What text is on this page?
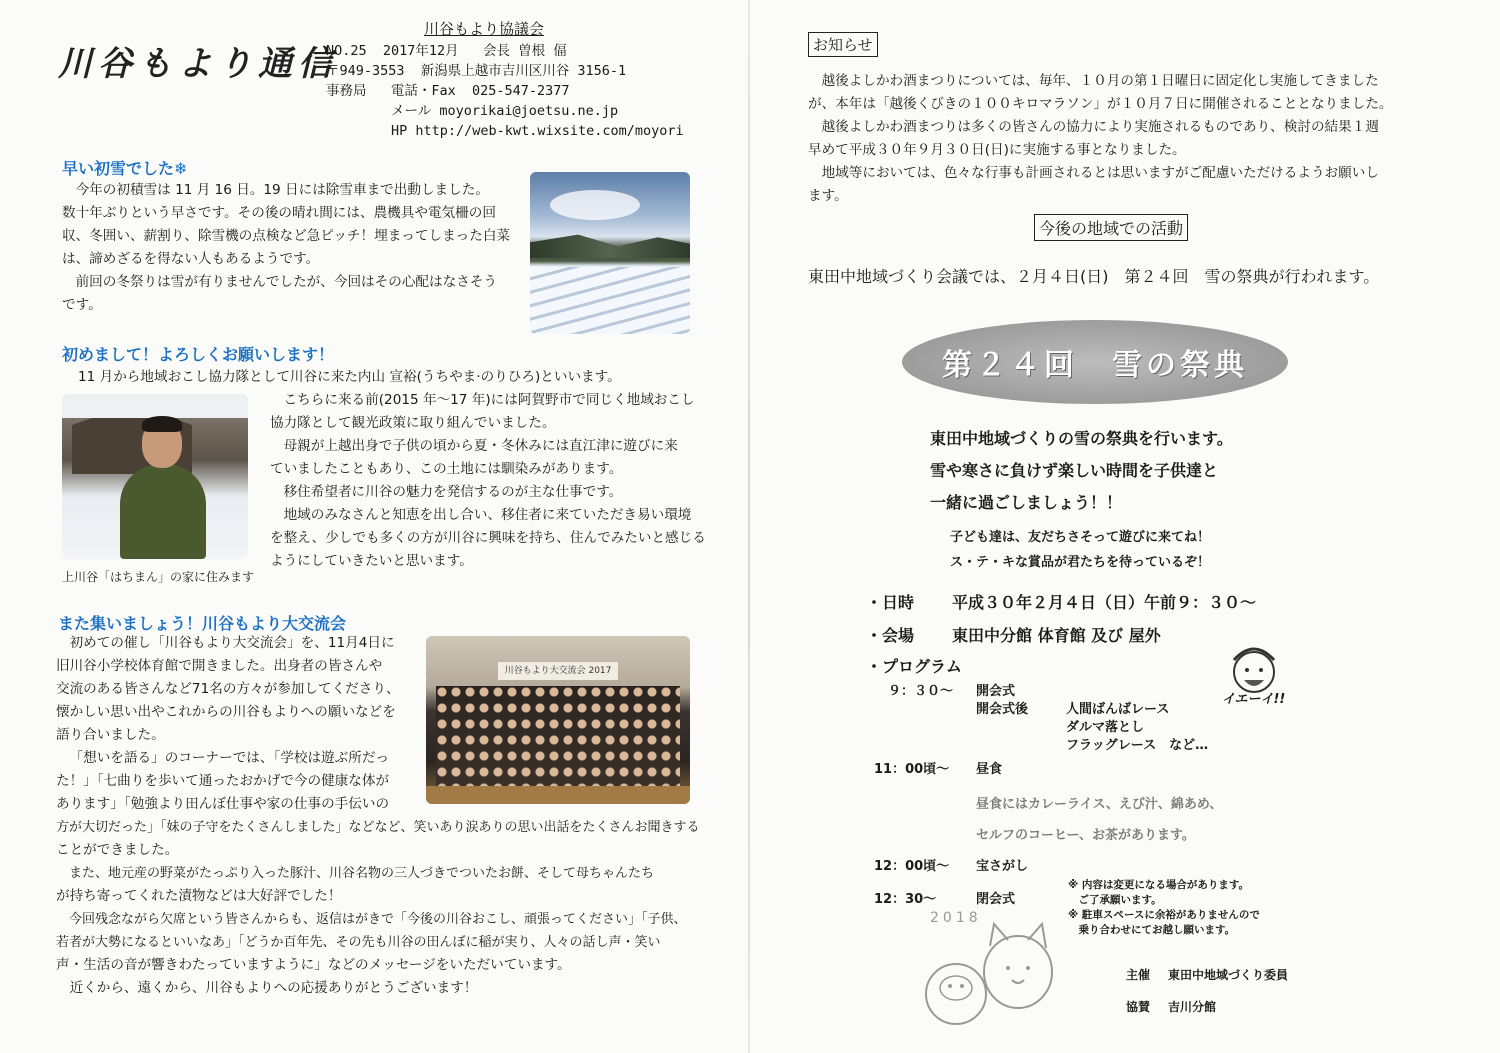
川谷もより通信
川谷もより協議会
NO.25  2017年12月   会長 曽根 偪
〒949-3553  新潟県上越市吉川区川谷 3156-1
事務局   電話・Fax  025-547-2377
メール moyorikai@joetsu.ne.jp
HP http://web-kwt.wixsite.com/moyori
早い初雪でした❄

今年の初積雪は 11 月 16 日。19 日には除雪車まで出動しました。

数十年ぶりという早さです。その後の晴れ間には、農機具や電気柵の回

収、冬囲い、薪割り、除雪機の点検など急ピッチ！埋まってしまった白菜

は、諦めざるを得ない人もあるようです。

前回の冬祭りは雪が有りませんでしたが、今回はその心配はなさそう

です。

初めまして！よろしくお願いします！
11 月から地域おこし協力隊として川谷に来た内山 宣裕(うちやま·のりひろ)といいます。

こちらに来る前(2015 年～17 年)には阿賀野市で同じく地域おこし

協力隊として観光政策に取り組んでいました。

母親が上越出身で子供の頃から夏・冬休みには直江津に遊びに来

ていましたこともあり、この土地には馴染みがあります。

移住希望者に川谷の魅力を発信するのが主な仕事です。

地域のみなさんと知恵を出し合い、移住者に来ていただき易い環境

を整え、少しでも多くの方が川谷に興味を持ち、住んでみたいと感じる

ようにしていきたいと思います。

上川谷「はちまん」の家に住みます
また集いましょう！川谷もより大交流会
川谷もより大交流会 2017

初めての催し「川谷もより大交流会」を、11月4日に

旧川谷小学校体育館で開きました。出身者の皆さんや

交流のある皆さんなど71名の方々が参加してくださり、

懐かしい思い出やこれからの川谷もよりへの願いなどを

語り合いました。

「想いを語る」のコーナーでは、「学校は遊ぶ所だっ

た！」「七曲りを歩いて通ったおかげで今の健康な体が

あります」「勉強より田んぼ仕事や家の仕事の手伝いの

方が大切だった」「妹の子守をたくさんしました」などなど、笑いあり涙ありの思い出話をたくさんお聞きする

ことができました。

また、地元産の野菜がたっぷり入った豚汁、川谷名物の三人づきでついたお餅、そして母ちゃんたち

が持ち寄ってくれた漬物などは大好評でした！

今回残念ながら欠席という皆さんからも、返信はがきで「今後の川谷おこし、頑張ってください」「子供、

若者が大勢になるといいなあ」「どうか百年先、その先も川谷の田んぼに稲が実り、人々の話し声・笑い

声・生活の音が響きわたっていますように」などのメッセージをいただいています。

近くから、遠くから、川谷もよりへの応援ありがとうございます！

お知らせ

越後よしかわ酒まつりについては、毎年、１０月の第１日曜日に固定化し実施してきました

が、本年は「越後くびきの１００キロマラソン」が１０月７日に開催されることとなりました。

越後よしかわ酒まつりは多くの皆さんの協力により実施されるものであり、検討の結果１週

早めて平成３０年９月３０日(日)に実施する事となりました。

地域等においては、色々な行事も計画されるとは思いますがご配慮いただけるようお願いし

ます。

今後の地域での活動
東田中地域づくり会議では、２月４日(日)　第２４回　雪の祭典が行われます。
第２４回　雪の祭典
東田中地域づくりの雪の祭典を行います。
雪や寒さに負けず楽しい時間を子供達と
一緒に過ごしましょう！！
子ども達は、友だちさそって遊びに来てね！
ス・テ・キな賞品が君たちを待っているぞ！
・日時 平成３０年２月４日（日）午前９：３０～
・会場 東田中分館 体育館 及び 屋外
・プログラム
９：３０～ 開会式
開会式後	人間ばんばレース
ダルマ落とし
フラッグレース　など…
11：00頃～ 昼食
昼食にはカレーライス、えび汁、綿あめ、
セルフのコーヒー、お茶があります。
12：00頃～ 宝さがし
12：30～	閉会式
※ 内容は変更になる場合があります。
　ご了承願います。
※ 駐車スペースに余裕がありませんので
　乗り合わせにてお越し願います。
主催 東田中地域づくり委員
協賛 吉川分館
イエーイ!!
2018
